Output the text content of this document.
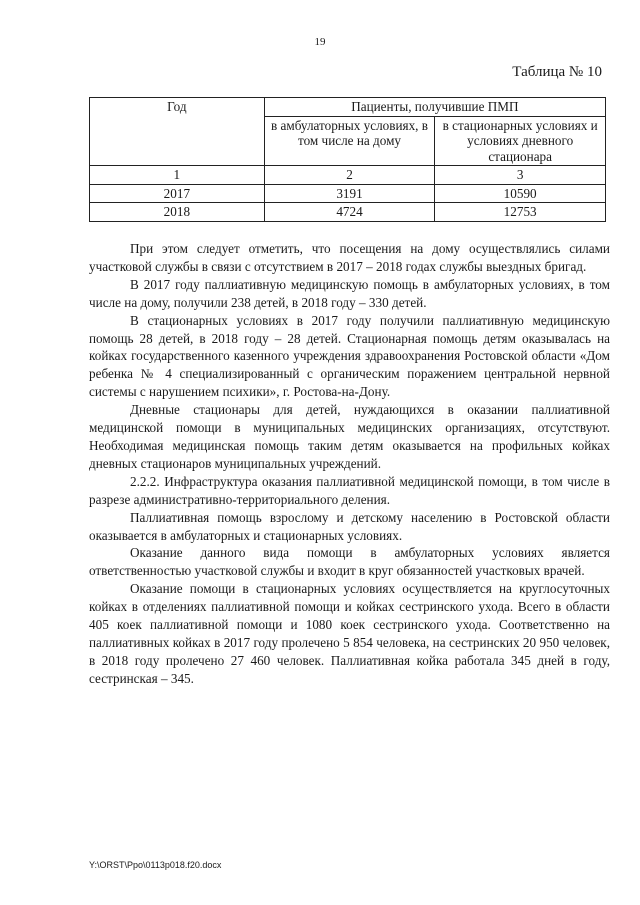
19
Таблица № 10
Год	Пациенты, получившие ПМП	
	в амбулаторных условиях, в том числе на дому	в стационарных условиях и условиях дневного стационара
1	2	3
2017	3191	10590
2018	4724	12753

При этом следует отметить, что посещения на дому осуществлялись силами участковой службы в связи с отсутствием в 2017 – 2018 годах службы выездных бригад.

В 2017 году паллиативную медицинскую помощь в амбулаторных условиях, в том числе на дому, получили 238 детей, в 2018 году – 330 детей.

В стационарных условиях в 2017 году получили паллиативную медицинскую помощь 28 детей, в 2018 году – 28 детей. Стационарная помощь детям оказывалась на койках государственного казенного учреждения здравоохранения Ростовской области «Дом ребенка № 4 специализированный с органическим поражением центральной нервной системы с нарушением психики», г. Ростова-на-Дону.

Дневные стационары для детей, нуждающихся в оказании паллиативной медицинской помощи в муниципальных медицинских организациях, отсутствуют. Необходимая медицинская помощь таким детям оказывается на профильных койках дневных стационаров муниципальных учреждений.

2.2.2. Инфраструктура оказания паллиативной медицинской помощи, в том числе в разрезе административно-территориального деления.

Паллиативная помощь взрослому и детскому населению в Ростовской области оказывается в амбулаторных и стационарных условиях.

Оказание данного вида помощи в амбулаторных условиях является ответственностью участковой службы и входит в круг обязанностей участковых врачей.

Оказание помощи в стационарных условиях осуществляется на круглосуточных койках в отделениях паллиативной помощи и койках сестринского ухода. Всего в области 405 коек паллиативной помощи и 1080 коек сестринского ухода. Соответственно на паллиативных койках в 2017 году пролечено 5 854 человека, на сестринских 20 950 человек, в 2018 году пролечено 27 460 человек. Паллиативная койка работала 345 дней в году, сестринская – 345.

Y:\ORST\Ppo\0113p018.f20.docx
